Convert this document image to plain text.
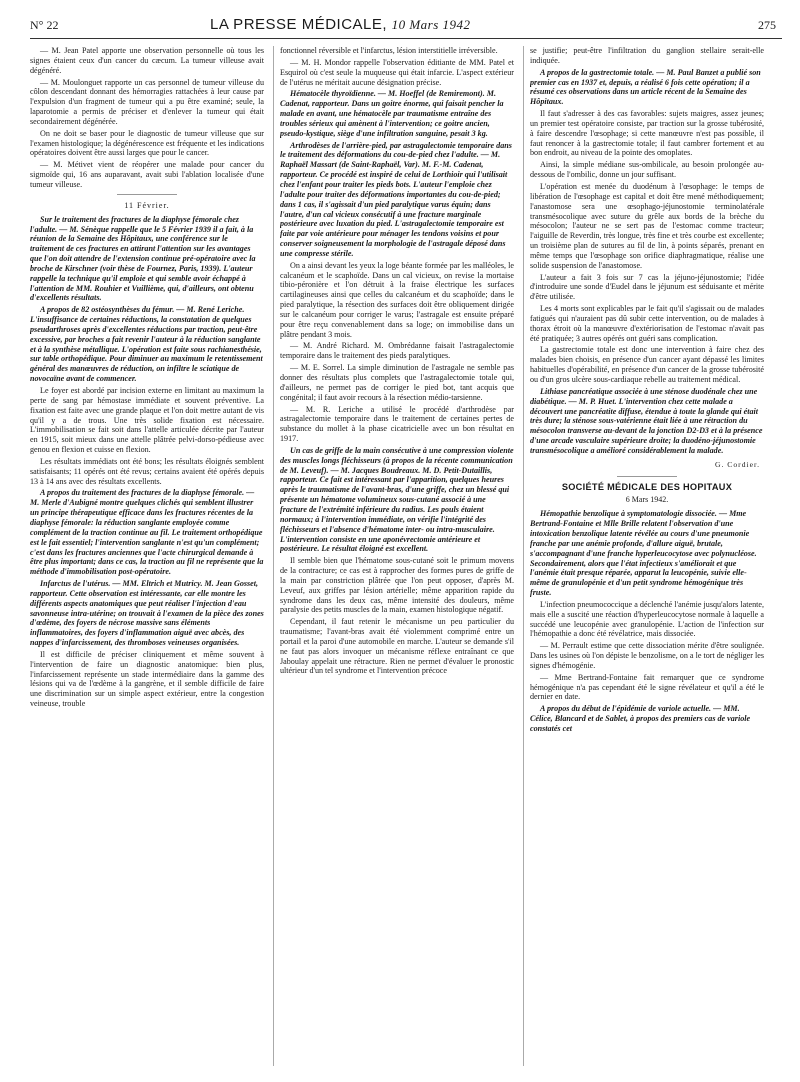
N° 22	LA PRESSE MÉDICALE, 10 Mars 1942	275

— M. Jean Patel apporte une observation personnelle où tous les signes étaient ceux d'un cancer du cæcum. La tumeur villeuse avait dégénéré.

— M. Moulonguet rapporte un cas personnel de tumeur villeuse du côlon descendant donnant des hémorragies rattachées à leur cause par l'expulsion d'un fragment de tumeur qui a pu être examiné; seule, la laparotomie a permis de préciser et d'enlever la tumeur qui était secondairement dégénérée.

On ne doit se baser pour le diagnostic de tumeur villeuse que sur l'examen histologique; la dégénérescence est fréquente et les indications opératoires doivent être aussi larges que pour le cancer.

— M. Métivet vient de réopérer une malade pour cancer du sigmoïde qui, 16 ans auparavant, avait subi l'ablation localisée d'une tumeur villeuse.

11 Février.

Sur le traitement des fractures de la diaphyse fémorale chez l'adulte. — M. Sénèque rappelle que le 5 Février 1939 il a fait, à la réunion de la Semaine des Hôpitaux, une conférence sur le traitement de ces fractures en attirant l'attention sur les avantages que l'on doit attendre de l'extension continue pré-opératoire avec la broche de Kirschner (voir thèse de Fournez, Paris, 1939). L'auteur rappelle la technique qu'il emploie et qui semble avoir échappé à l'attention de MM. Rouhier et Vuillième, qui, d'ailleurs, ont obtenu d'excellents résultats.

A propos de 82 ostéosynthèses du fémur. — M. René Leriche. L'insuffisance de certaines réductions, la constatation de quelques pseudarthroses après d'excellentes réductions par traction, peut-être excessive, par broches a fait revenir l'auteur à la réduction sanglante et à la synthèse métallique. L'opération est faite sous rachianesthésie, sur table orthopédique. Pour diminuer au maximum le retentissement général des manœuvres de réduction, on infiltre le sciatique de novocaïne avant de commencer.

Le foyer est abordé par incision externe en limitant au maximum la perte de sang par hémostase immédiate et souvent préventive. La fixation est faite avec une grande plaque et l'on doit mettre autant de vis qu'il y a de trous. Une très solide fixation est nécessaire. L'immobilisation se fait soit dans l'attelle articulée décrite par l'auteur en 1915, soit mieux dans une attelle plâtrée pelvi-dorso-pédieuse avec genou en flexion et cuisse en flexion.

Les résultats immédiats ont été bons; les résultats éloignés semblent satisfaisants; 11 opérés ont été revus; certains avaient été opérés depuis 13 à 14 ans avec des résultats excellents.

A propos du traitement des fractures de la diaphyse fémorale. — M. Merle d'Aubigné montre quelques clichés qui semblent illustrer un principe thérapeutique efficace dans les fractures récentes de la diaphyse fémorale: la réduction sanglante employée comme complément de la traction continue au fil. Le traitement orthopédique est le fait essentiel; l'intervention sanglante n'est qu'un complément; c'est dans les fractures anciennes que l'acte chirurgical demande à être plus important; dans ce cas, la traction au fil ne représente que la méthode d'immobilisation post-opératoire.

Infarctus de l'utérus. — MM. Eltrich et Mutricy. M. Jean Gosset, rapporteur. Cette observation est intéressante, car elle montre les différents aspects anatomiques que peut réaliser l'injection d'eau savonneuse intra-utérine; on trouvait à l'examen de la pièce des zones d'œdème, des foyers de nécrose massive sans éléments inflammatoires, des foyers d'inflammation aiguë avec abcès, des nappes d'infarcissement, des thromboses veineuses organisées.

Il est difficile de préciser cliniquement et même souvent à l'intervention de faire un diagnostic anatomique: bien plus, l'infarcissement représente un stade intermédiaire dans la gamme des lésions qui va de l'œdème à la gangrène, et il semble difficile de faire une discrimination sur un simple aspect extérieur, entre la congestion veineuse, trouble

fonctionnel réversible et l'infarctus, lésion interstitielle irréversible.

— M. H. Mondor rappelle l'observation éditiante de MM. Patel et Esquirol où c'est seule la muqueuse qui était infarcie. L'aspect extérieur de l'utérus ne méritait aucune désignation précise.

Hématocèle thyroïdienne. — M. Hoeffel (de Remiremont). M. Cadenat, rapporteur. Dans un goitre énorme, qui faisait pencher la malade en avant, une hématocèle par traumatisme entraîne des troubles sérieux qui amènent à l'intervention; ce goitre ancien, pseudo-kystique, siège d'une infiltration sanguine, pesait 3 kg.

Arthrodèses de l'arrière-pied, par astragalectomie temporaire dans le traitement des déformations du cou-de-pied chez l'adulte. — M. Raphaël Massart (de Saint-Raphaël, Var). M. F.-M. Cadenat, rapporteur. Ce procédé est inspiré de celui de Lorthioir qui l'utilisait chez l'enfant pour traiter les pieds bots. L'auteur l'emploie chez l'adulte pour traiter des déformations importantes du cou-de-pied; dans 1 cas, il s'agissait d'un pied paralytique varus équin; dans l'autre, d'un cal vicieux consécutif à une fracture marginale postérieure avec luxation du pied. L'astragalectomie temporaire est faite par voie antérieure pour ménager les tendons voisins et pour conserver soigneusement la morphologie de l'astragale déposé dans une compresse stérile.

On a ainsi devant les yeux la loge béante formée par les malléoles, le calcanéum et le scaphoïde. Dans un cal vicieux, on revise la mortaise tibio-péronière et l'on détruit à la fraise électrique les surfaces cartilagineuses ainsi que celles du calcanéum et du scaphoïde; dans le pied paralytique, la résection des surfaces doit être obliquement dirigée sur le calcanéum pour corriger le varus; l'astragale est ensuite préparé pour être reçu convenablement dans sa loge; on immobilise dans un plâtre pendant 3 mois.

— M. André Richard. M. Ombrédanne faisait l'astragalectomie temporaire dans le traitement des pieds paralytiques.

— M. E. Sorrel. La simple diminution de l'astragale ne semble pas donner des résultats plus complets que l'astragalectomie totale qui, d'ailleurs, ne permet pas de corriger le pied bot, tant acquis que congénital; il faut avoir recours à la résection médio-tarsienne.

— M. R. Leriche a utilisé le procédé d'arthrodèse par astragalectomie temporaire dans le traitement de certaines pertes de substance du mollet à la phase cicatricielle avec un bon résultat en 1917.

Un cas de griffe de la main consécutive à une compression violente des muscles longs fléchisseurs (à propos de la récente communication de M. Leveuf). — M. Jacques Boudreaux. M. D. Petit-Dutaillis, rapporteur. Ce fait est intéressant par l'apparition, quelques heures après le traumatisme de l'avant-bras, d'une griffe, chez un blessé qui présente un hématome volumineux sous-cutané associé à une fracture de l'extrémité inférieure du radius. Les pouls étaient normaux; à l'intervention immédiate, on vérifie l'intégrité des fléchisseurs et l'absence d'hématome inter- ou intra-musculaire. L'intervention consiste en une aponévrectomie antérieure et postérieure. Le résultat éloigné est excellent.

Il semble bien que l'hématome sous-cutané soit le primum movens de la contracture; ce cas est à rapprocher des formes pures de griffe de la main par constriction plâtrée que l'on peut opposer, d'après M. Leveuf, aux griffes par lésion artérielle; même apparition rapide du syndrome dans les deux cas, même intensité des douleurs, même paralysie des petits muscles de la main, examen histologique négatif.

Cependant, il faut retenir le mécanisme un peu particulier du traumatisme; l'avant-bras avait été violemment comprimé entre un portail et la paroi d'une automobile en marche. L'auteur se demande s'il ne faut pas alors invoquer un mécanisme réflexe entraînant ce que Jaboulay appelait une rétracture. Rien ne permet d'évaluer le pronostic ultérieur d'un tel syndrome et l'intervention précoce

se justifie; peut-être l'infiltration du ganglion stellaire serait-elle indiquée.

A propos de la gastrectomie totale. — M. Paul Banzet a publié son premier cas en 1937 et, depuis, a réalisé 6 fois cette opération; il a résumé ces observations dans un article récent de la Semaine des Hôpitaux.

Il faut s'adresser à des cas favorables: sujets maigres, assez jeunes; un premier test opératoire consiste, par traction sur la grosse tubérosité, à faire descendre l'œsophage; si cette manœuvre n'est pas possible, il faut renoncer à la gastrectomie totale; il faut cambrer fortement et au bon endroit, au niveau de la pointe des omoplates.

Ainsi, la simple médiane sus-ombilicale, au besoin prolongée au-dessous de l'ombilic, donne un jour suffisant.

L'opération est menée du duodénum à l'œsophage: le temps de libération de l'œsophage est capital et doit être mené méthodiquement; l'anastomose sera une œsophago-jéjunostomie terminolatérale transmésocolique avec suture du grêle aux bords de la brèche du mésocolon; l'auteur ne se sert pas de l'estomac comme tracteur; l'aiguille de Reverdin, très longue, très fine et très courbe est excellente; un troisième plan de sutures au fil de lin, à points séparés, prenant en même temps que l'œsophage son orifice diaphragmatique, réalise une solide suspension de l'anastomose.

L'auteur a fait 3 fois sur 7 cas la jéjuno-jéjunostomie; l'idée d'introduire une sonde d'Eudel dans le jéjunum est séduisante et mérite d'être utilisée.

Les 4 morts sont explicables par le fait qu'il s'agissait ou de malades fatigués qui n'auraient pas dû subir cette intervention, ou de malades à thorax étroit où la manœuvre d'extériorisation de l'estomac n'avait pas été pratiquée; 3 autres opérés ont guéri sans complication.

La gastrectomie totale est donc une intervention à faire chez des malades bien choisis, en présence d'un cancer ayant dépassé les limites habituelles d'opérabilité, en présence d'un cancer de la grosse tubérosité ou d'un gros ulcère sous-cardiaque rebelle au traitement médical.

Lithiase pancréatique associée à une sténose duodénale chez une diabétique. — M. P. Huet. L'intervention chez cette malade a découvert une pancréatite diffuse, étendue à toute la glande qui était très dure; la sténose sous-vatérienne était liée à une rétraction du mésocolon transverse au-devant de la jonction D2-D3 et à la présence d'une arcade vasculaire supérieure droite; la duodéno-jéjunostomie transmésocolique a amélioré considérablement la malade.

G. Cordier.
SOCIÉTÉ MÉDICALE DES HOPITAUX
6 Mars 1942.

Hémopathie benzolique à symptomatologie dissociée. — Mme Bertrand-Fontaine et Mlle Brille relatent l'observation d'une intoxication benzolique latente révélée au cours d'une pneumonie franche par une anémie profonde, d'allure aiguë, brutale, s'accompagnant d'une franche hyperleucocytose avec polynucléose. Secondairement, alors que l'état infectieux s'améliorait et que l'anémie était presque réparée, apparut la leucopénie, suivie elle-même de granulopénie et d'un petit syndrome hémogénique très fruste.

L'infection pneumococcique a déclenché l'anémie jusqu'alors latente, mais elle a suscité une réaction d'hyperleucocytose normale à laquelle a succédé une leucopénie avec granulopénie. L'action de l'infection sur l'hémopathie a donc été révélatrice, mais dissociée.

— M. Perrault estime que cette dissociation mérite d'être soulignée. Dans les usines où l'on dépiste le benzolisme, on a le tort de négliger les signes d'hémogénie.

— Mme Bertrand-Fontaine fait remarquer que ce syndrome hémogénique n'a pas cependant été le signe révélateur et qu'il a été le dernier en date.

A propos du début de l'épidémie de variole actuelle. — MM. Célice, Blancard et de Sablet, à propos des premiers cas de variole constatés cet
